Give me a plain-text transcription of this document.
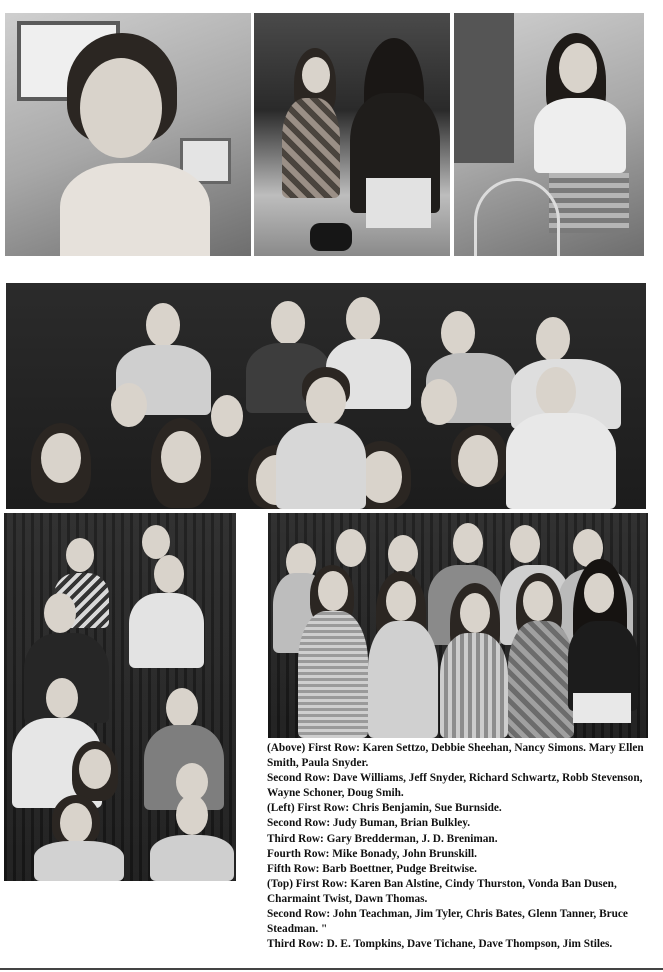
(Above) First Row: Karen Settzo, Debbie Sheehan, Nancy Simons. Mary Ellen Smith, Paula Snyder.

Second Row: Dave Williams, Jeff Snyder, Richard Schwartz, Robb Stevenson, Wayne Schoner, Doug Smih.

(Left) First Row: Chris Benjamin, Sue Burnside.

Second Row: Judy Buman, Brian Bulkley.

Third Row: Gary Bredderman, J. D. Breniman.

Fourth Row: Mike Bonady, John Brunskill.

Fifth Row: Barb Boettner, Pudge Breitwise.

(Top) First Row: Karen Ban Alstine, Cindy Thurston, Vonda Ban Dusen, Charmaint Twist, Dawn Thomas.

Second Row: John Teachman, Jim Tyler, Chris Bates, Glenn Tanner, Bruce Steadman. "

Third Row: D. E. Tompkins, Dave Tichane, Dave Thompson, Jim Stiles.
